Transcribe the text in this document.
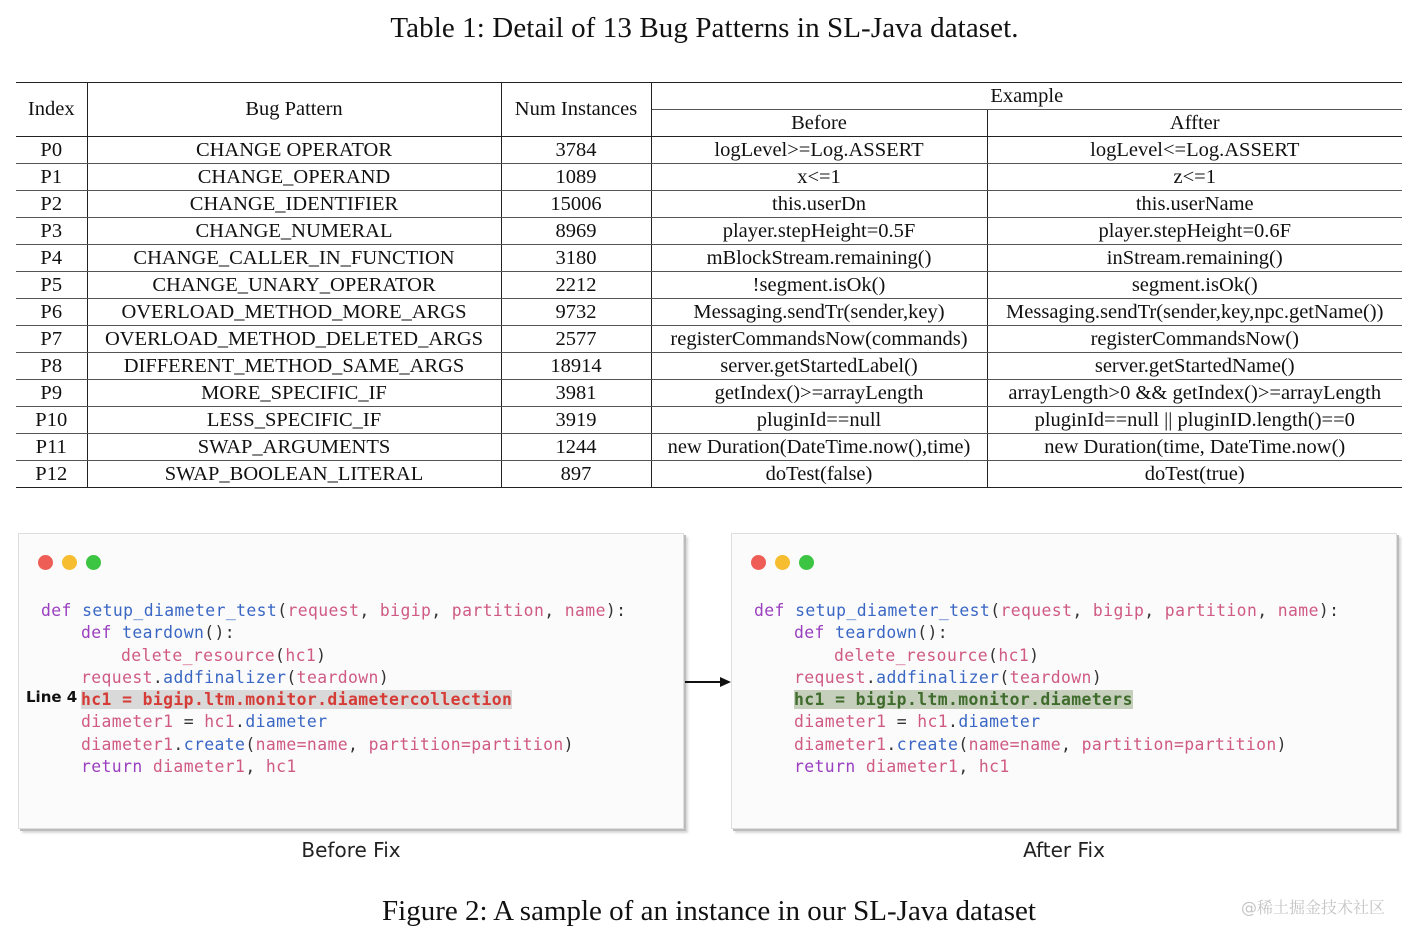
Table 1: Detail of 13 Bug Patterns in SL-Java dataset.
Index	Bug Pattern	Num Instances	Example	
			Before	Affter
P0	CHANGE OPERATOR	3784	logLevel>=Log.ASSERT	logLevel<=Log.ASSERT
P1	CHANGE_OPERAND	1089	x<=1	z<=1
P2	CHANGE_IDENTIFIER	15006	this.userDn	this.userName
P3	CHANGE_NUMERAL	8969	player.stepHeight=0.5F	player.stepHeight=0.6F
P4	CHANGE_CALLER_IN_FUNCTION	3180	mBlockStream.remaining()	inStream.remaining()
P5	CHANGE_UNARY_OPERATOR	2212	!segment.isOk()	segment.isOk()
P6	OVERLOAD_METHOD_MORE_ARGS	9732	Messaging.sendTr(sender,key)	Messaging.sendTr(sender,key,npc.getName())
P7	OVERLOAD_METHOD_DELETED_ARGS	2577	registerCommandsNow(commands)	registerCommandsNow()
P8	DIFFERENT_METHOD_SAME_ARGS	18914	server.getStartedLabel()	server.getStartedName()
P9	MORE_SPECIFIC_IF	3981	getIndex()>=arrayLength	arrayLength>0 && getIndex()>=arrayLength
P10	LESS_SPECIFIC_IF	3919	pluginId==null	pluginId==null || pluginID.length()==0
P11	SWAP_ARGUMENTS	1244	new Duration(DateTime.now(),time)	new Duration(time, DateTime.now()
P12	SWAP_BOOLEAN_LITERAL	897	doTest(false)	doTest(true)
def setup_diameter_test(request, bigip, partition, name):
def teardown():
delete_resource(hc1)
request.addfinalizer(teardown)
hc1 = bigip.ltm.monitor.diametercollection
diameter1 = hc1.diameter
diameter1.create(name=name, partition=partition)
return diameter1, hc1
Line 4
def setup_diameter_test(request, bigip, partition, name):
def teardown():
delete_resource(hc1)
request.addfinalizer(teardown)
hc1 = bigip.ltm.monitor.diameters
diameter1 = hc1.diameter
diameter1.create(name=name, partition=partition)
return diameter1, hc1
Before Fix	After Fix
Figure 2: A sample of an instance in our SL-Java dataset	@稀土掘金技术社区
